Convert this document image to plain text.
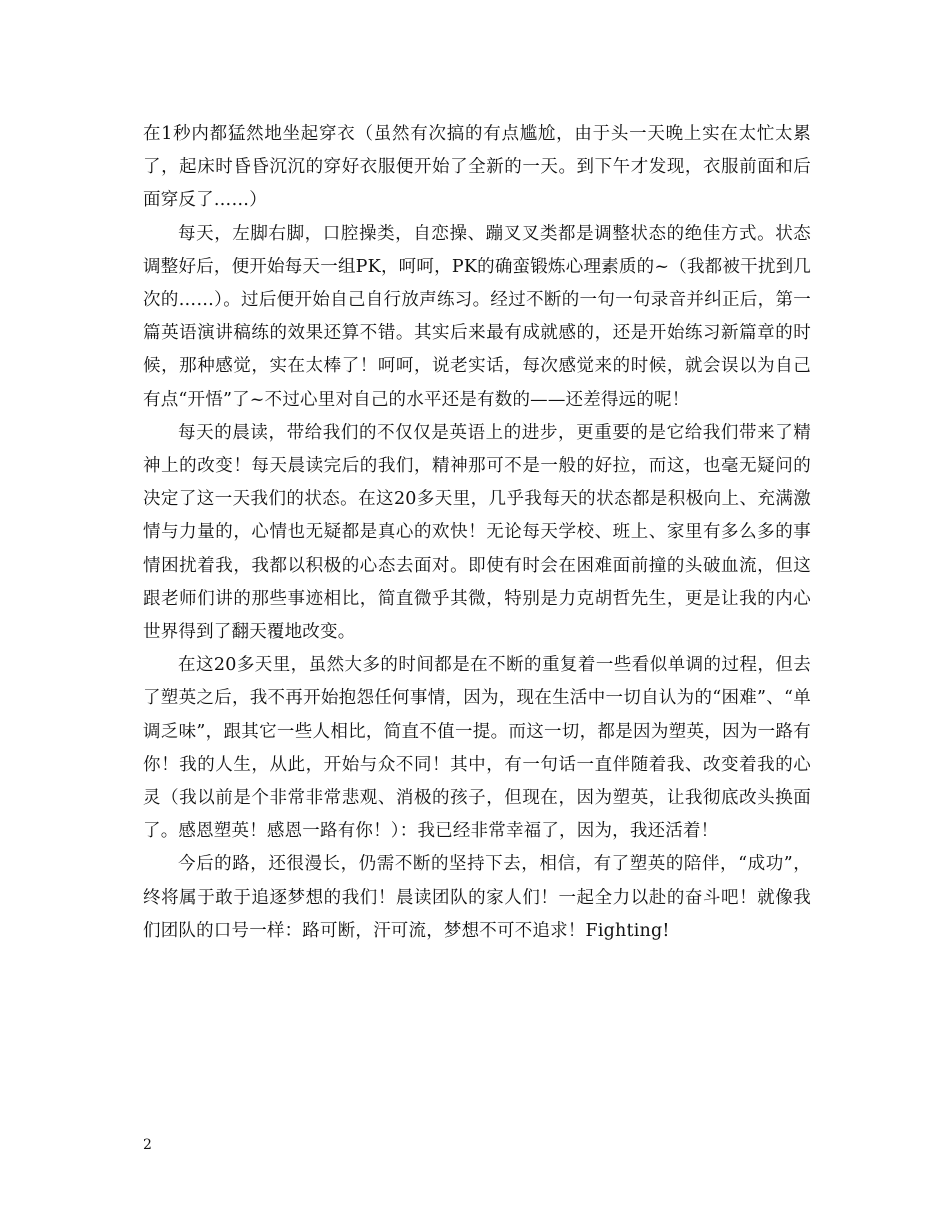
在1秒内都猛然地坐起穿衣（虽然有次搞的有点尴尬，由于头一天晚上实在太忙太累了，起床时昏昏沉沉的穿好衣服便开始了全新的一天。到下午才发现，衣服前面和后面穿反了……）

每天，左脚右脚，口腔操类，自恋操、蹦叉叉类都是调整状态的绝佳方式。状态调整好后，便开始每天一组PK，呵呵，PK的确蛮锻炼心理素质的~（我都被干扰到几次的……）。过后便开始自己自行放声练习。经过不断的一句一句录音并纠正后，第一篇英语演讲稿练的效果还算不错。其实后来最有成就感的，还是开始练习新篇章的时候，那种感觉，实在太棒了！呵呵，说老实话，每次感觉来的时候，就会误以为自己有点“开悟”了~不过心里对自己的水平还是有数的——还差得远的呢！

每天的晨读，带给我们的不仅仅是英语上的进步，更重要的是它给我们带来了精神上的改变！每天晨读完后的我们，精神那可不是一般的好拉，而这，也毫无疑问的决定了这一天我们的状态。在这20多天里，几乎我每天的状态都是积极向上、充满激情与力量的，心情也无疑都是真心的欢快！无论每天学校、班上、家里有多么多的事情困扰着我，我都以积极的心态去面对。即使有时会在困难面前撞的头破血流，但这跟老师们讲的那些事迹相比，简直微乎其微，特别是力克胡哲先生，更是让我的内心世界得到了翻天覆地改变。

在这20多天里，虽然大多的时间都是在不断的重复着一些看似单调的过程，但去了塑英之后，我不再开始抱怨任何事情，因为，现在生活中一切自认为的“困难”、“单调乏味”，跟其它一些人相比，简直不值一提。而这一切，都是因为塑英，因为一路有你！我的人生，从此，开始与众不同！其中，有一句话一直伴随着我、改变着我的心灵（我以前是个非常非常悲观、消极的孩子，但现在，因为塑英，让我彻底改头换面了。感恩塑英！感恩一路有你！）：我已经非常幸福了，因为，我还活着！

今后的路，还很漫长，仍需不断的坚持下去，相信，有了塑英的陪伴，“成功”，终将属于敢于追逐梦想的我们！晨读团队的家人们！一起全力以赴的奋斗吧！就像我们团队的口号一样：路可断，汗可流，梦想不可不追求！Fighting!

2
